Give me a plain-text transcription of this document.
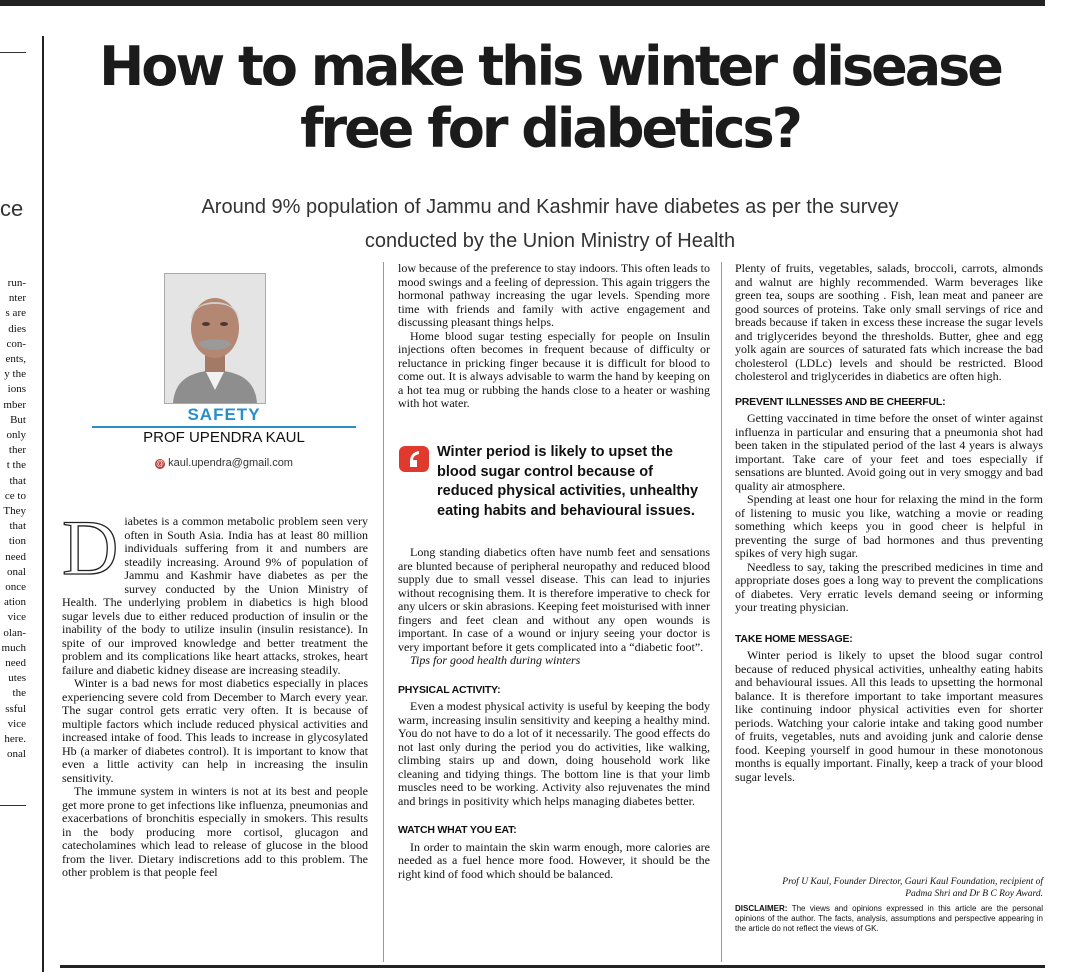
ce
run-
nter
s are
dies
con-
ents,
y the
ions
mber
But
only
ther
t the
that
ce to
They
that
tion
need
onal
once
ation
vice
olan-
much
need
utes
the
ssful
vice
here.
onal
How to make this winter disease
free for diabetics?
Around 9% population of Jammu and Kashmir have diabetes as per the survey
conducted by the Union Ministry of Health
SAFETY
PROF UPENDRA KAUL
@ kaul.upendra@gmail.com
D iabetes is a common metabolic problem seen very often in South Asia. India has at least 80 million individuals suffering from it and numbers are steadily increasing. Around 9% of population of Jammu and Kashmir have diabetes as per the survey conducted by the Union Ministry of Health. The underlying problem in diabetics is high blood sugar levels due to either reduced production of insulin or the inability of the body to utilize insulin (insulin resistance). In spite of our improved knowledge and better treatment the problem and its complications like heart attacks, strokes, heart failure and diabetic kidney disease are increasing steadily.

Winter is a bad news for most diabetics especially in places experiencing severe cold from December to March every year. The sugar control gets erratic very often. It is because of multiple factors which include reduced physical activities and increased intake of food. This leads to increase in glycosylated Hb (a marker of diabetes control). It is important to know that even a little activity can help in increasing the insulin sensitivity.

The immune system in winters is not at its best and people get more prone to get infections like influenza, pneumonias and exacerbations of bronchitis especially in smokers. This results in the body producing more cortisol, glucagon and catecholamines which lead to release of glucose in the blood from the liver. Dietary indiscretions add to this problem. The other problem is that people feel

low because of the preference to stay indoors. This often leads to mood swings and a feeling of depression. This again triggers the hormonal pathway increasing the ugar levels. Spending more time with friends and family with active engagement and discussing pleasant things helps.

Home blood sugar testing especially for people on Insulin injections often becomes in frequent because of difficulty or reluctance in pricking finger because it is difficult for blood to come out. It is always advisable to warm the hand by keeping on a hot tea mug or rubbing the hands close to a heater or washing with hot water.

Winter period is likely to upset the blood sugar control because of reduced physical activities, unhealthy eating habits and behavioural issues.

Long standing diabetics often have numb feet and sensations are blunted because of peripheral neuropathy and reduced blood supply due to small vessel disease. This can lead to injuries without recognising them. It is therefore imperative to check for any ulcers or skin abrasions. Keeping feet moisturised with inner fingers and feet clean and without any open wounds is important. In case of a wound or injury seeing your doctor is very important before it gets complicated into a “diabetic foot”.

Tips for good health during winters

PHYSICAL ACTIVITY:

Even a modest physical activity is useful by keeping the body warm, increasing insulin sensitivity and keeping a healthy mind. You do not have to do a lot of it necessarily. The good effects do not last only during the period you do activities, like walking, climbing stairs up and down, doing household work like cleaning and tidying things. The bottom line is that your limb muscles need to be working. Activity also rejuvenates the mind and brings in positivity which helps managing diabetes better.

WATCH WHAT YOU EAT:

In order to maintain the skin warm enough, more calories are needed as a fuel hence more food. However, it should be the right kind of food which should be balanced.

Plenty of fruits, vegetables, salads, broccoli, carrots, almonds and walnut are highly recommended. Warm beverages like green tea, soups are soothing . Fish, lean meat and paneer are good sources of proteins. Take only small servings of rice and breads because if taken in excess these increase the sugar levels and triglycerides beyond the thresholds. Butter, ghee and egg yolk again are sources of saturated fats which increase the bad cholesterol (LDLc) levels and should be restricted. Blood cholesterol and triglycerides in diabetics are often high.

PREVENT ILLNESSES AND BE CHEERFUL:

Getting vaccinated in time before the onset of winter against influenza in particular and ensuring that a pneumonia shot had been taken in the stipulated period of the last 4 years is always important. Take care of your feet and toes especially if sensations are blunted. Avoid going out in very smoggy and bad quality air atmosphere.

Spending at least one hour for relaxing the mind in the form of listening to music you like, watching a movie or reading something which keeps you in good cheer is helpful in preventing the surge of bad hormones and thus preventing spikes of very high sugar.

Needless to say, taking the prescribed medicines in time and appropriate doses goes a long way to prevent the complications of diabetes. Very erratic levels demand seeing or informing your treating physician.

TAKE HOME MESSAGE:

Winter period is likely to upset the blood sugar control because of reduced physical activities, unhealthy eating habits and behavioural issues. All this leads to upsetting the hormonal balance. It is therefore important to take important measures like continuing indoor physical activities even for shorter periods. Watching your calorie intake and taking good number of fruits, vegetables, nuts and avoiding junk and calorie dense food. Keeping yourself in good humour in these monotonous months is equally important. Finally, keep a track of your blood sugar levels.

Prof U Kaul, Founder Director, Gauri Kaul Foundation, recipient of Padma Shri and Dr B C Roy Award.
DISCLAIMER: The views and opinions expressed in this article are the personal opinions of the author. The facts, analysis, assumptions and perspective appearing in the article do not reflect the views of GK.
